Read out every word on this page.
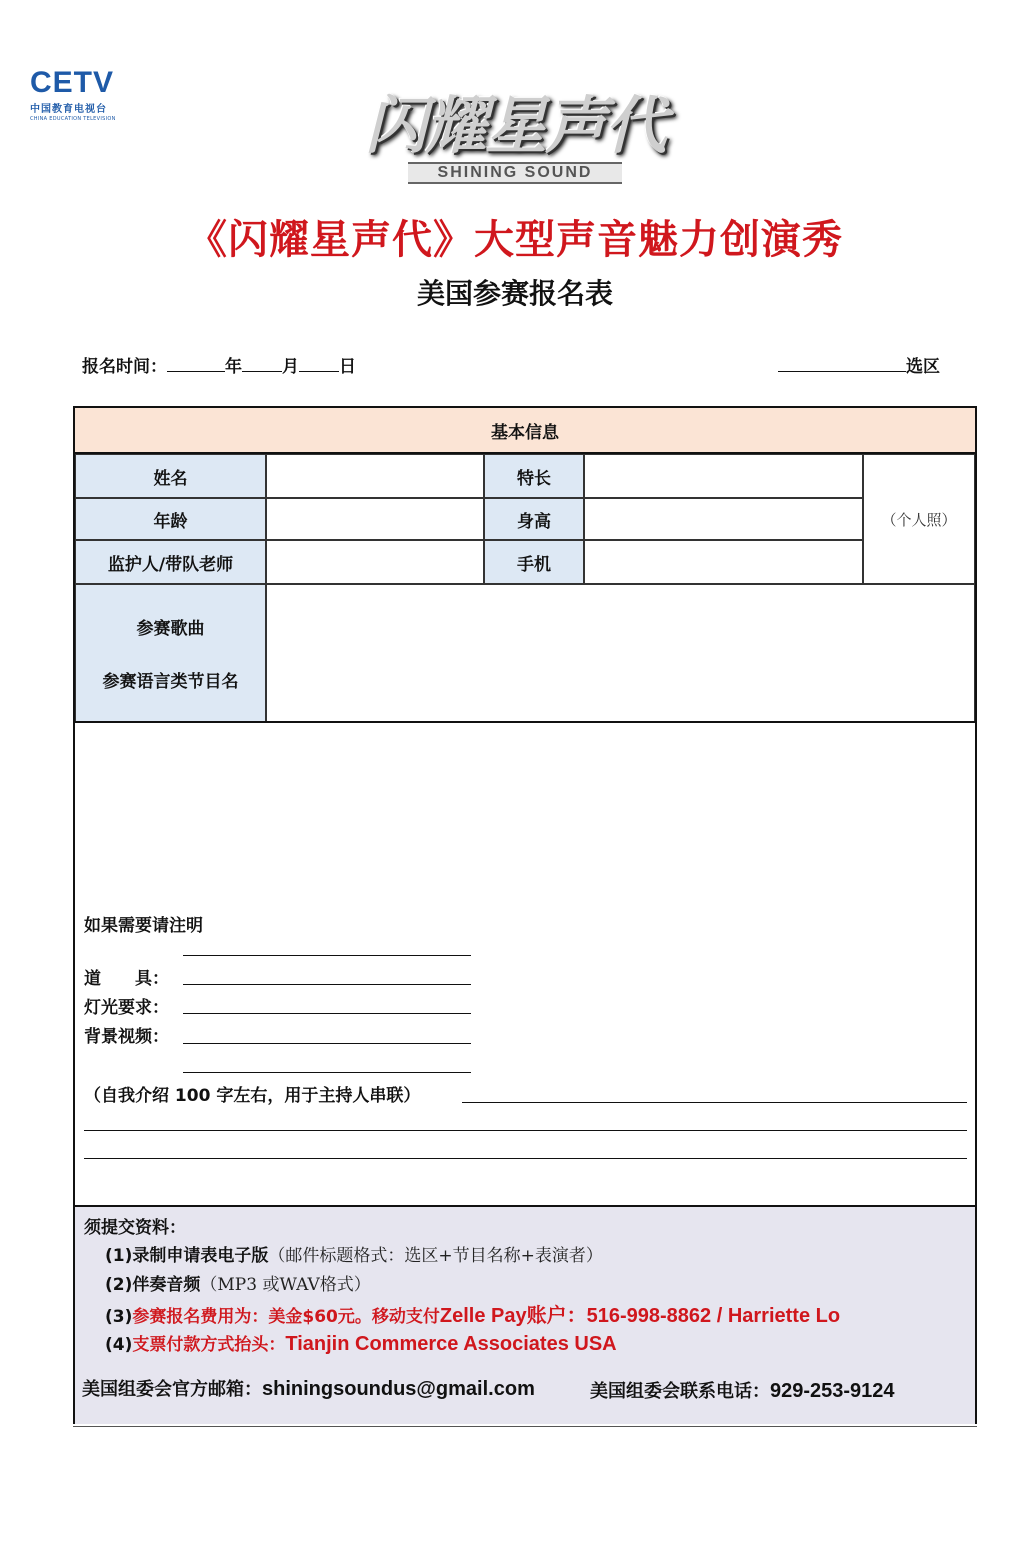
CETV
中国教育电视台
CHINA EDUCATION TELEVISION	闪耀星声代
SHINING SOUND
《闪耀星声代》大型声音魅力创演秀
美国参赛报名表
报名时间：	年 月 日	选区
基本信息
姓名	特长
年龄	身高
监护人/带队老师	手机
（个人照）
参赛歌曲
参赛语言类节目名
如果需要请注明
道　　具：
灯光要求：
背景视频：
（自我介绍 100 字左右，用于主持人串联）
须提交资料：
(1)录制申请表电子版（邮件标题格式：选区+节目名称+表演者）
(2)伴奏音频（MP3 或WAV格式）
(3)参赛报名费用为：美金$60元。移动支付Zelle Pay账户：516-998-8862 / Harriette Lo
(4)支票付款方式抬头：Tianjin Commerce Associates USA
美国组委会官方邮箱：shiningsoundus@gmail.com	美国组委会联系电话：929-253-9124
